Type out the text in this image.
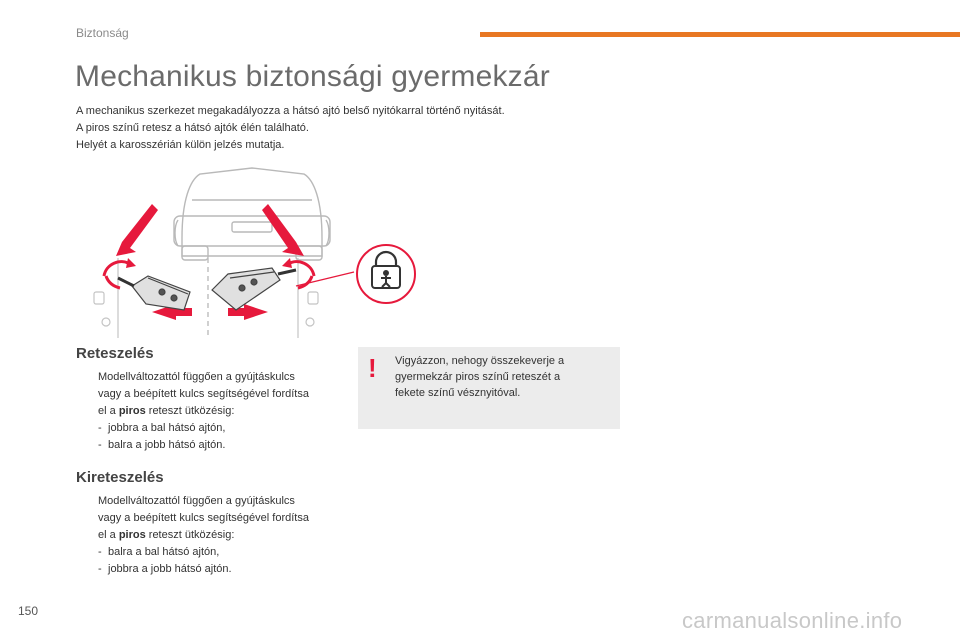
Biztonság
Mechanikus biztonsági gyermekzár
A mechanikus szerkezet megakadályozza a hátsó ajtó belső nyitókarral történő nyitását.
A piros színű retesz a hátsó ajtók élén található.
Helyét a karosszérián külön jelzés mutatja.
Reteszelés
Modellváltozattól függően a gyújtáskulcs
vagy a beépített kulcs segítségével fordítsa
el a piros reteszt ütközésig:
- jobbra a bal hátsó ajtón,
- balra a jobb hátsó ajtón.
Kireteszelés
Modellváltozattól függően a gyújtáskulcs
vagy a beépített kulcs segítségével fordítsa
el a piros reteszt ütközésig:
- balra a bal hátsó ajtón,
- jobbra a jobb hátsó ajtón.
! Vigyázzon, nehogy összekeverje a
gyermekzár piros színű reteszét a
fekete színű vésznyitóval.
150	carmanualsonline.info
